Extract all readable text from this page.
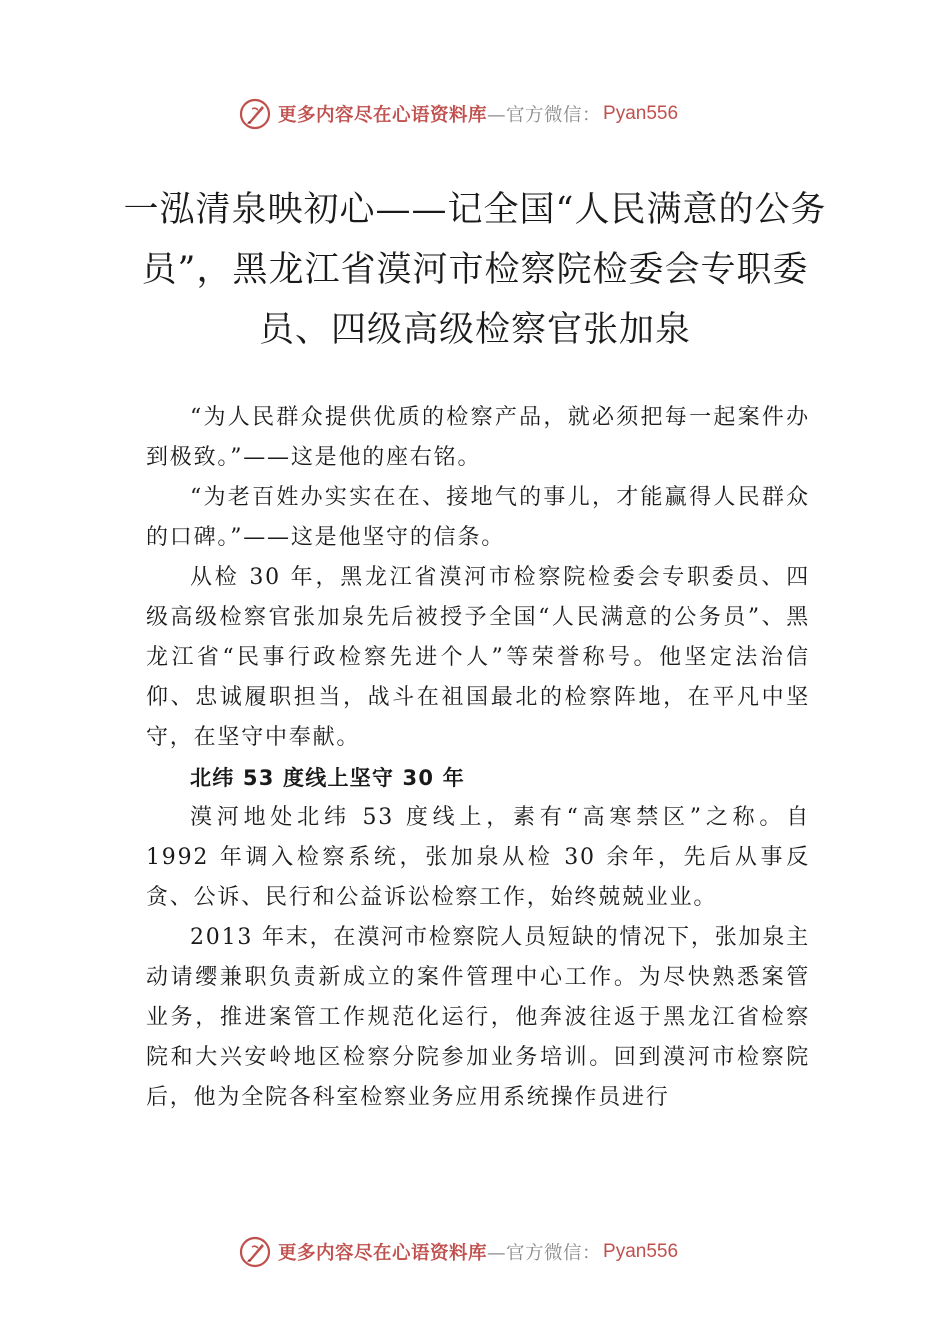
更多内容尽在心语资料库 —官方微信： Pyan556
一泓清泉映初心——记全国“人民满意的公务员”，黑龙江省漠河市检察院检委会专职委员、四级高级检察官张加泉

“为人民群众提供优质的检察产品，就必须把每一起案件办到极致。”——这是他的座右铭。

“为老百姓办实实在在、接地气的事儿，才能赢得人民群众的口碑。”——这是他坚守的信条。

从检 30 年，黑龙江省漠河市检察院检委会专职委员、四级高级检察官张加泉先后被授予全国“人民满意的公务员”、黑龙江省“民事行政检察先进个人”等荣誉称号。他坚定法治信仰、忠诚履职担当，战斗在祖国最北的检察阵地，在平凡中坚守，在坚守中奉献。

北纬 53 度线上坚守 30 年

漠河地处北纬 53 度线上，素有“高寒禁区”之称。自 1992 年调入检察系统，张加泉从检 30 余年，先后从事反贪、公诉、民行和公益诉讼检察工作，始终兢兢业业。

2013 年末，在漠河市检察院人员短缺的情况下，张加泉主动请缨兼职负责新成立的案件管理中心工作。为尽快熟悉案管业务，推进案管工作规范化运行，他奔波往返于黑龙江省检察院和大兴安岭地区检察分院参加业务培训。回到漠河市检察院后，他为全院各科室检察业务应用系统操作员进行

更多内容尽在心语资料库 —官方微信： Pyan556
